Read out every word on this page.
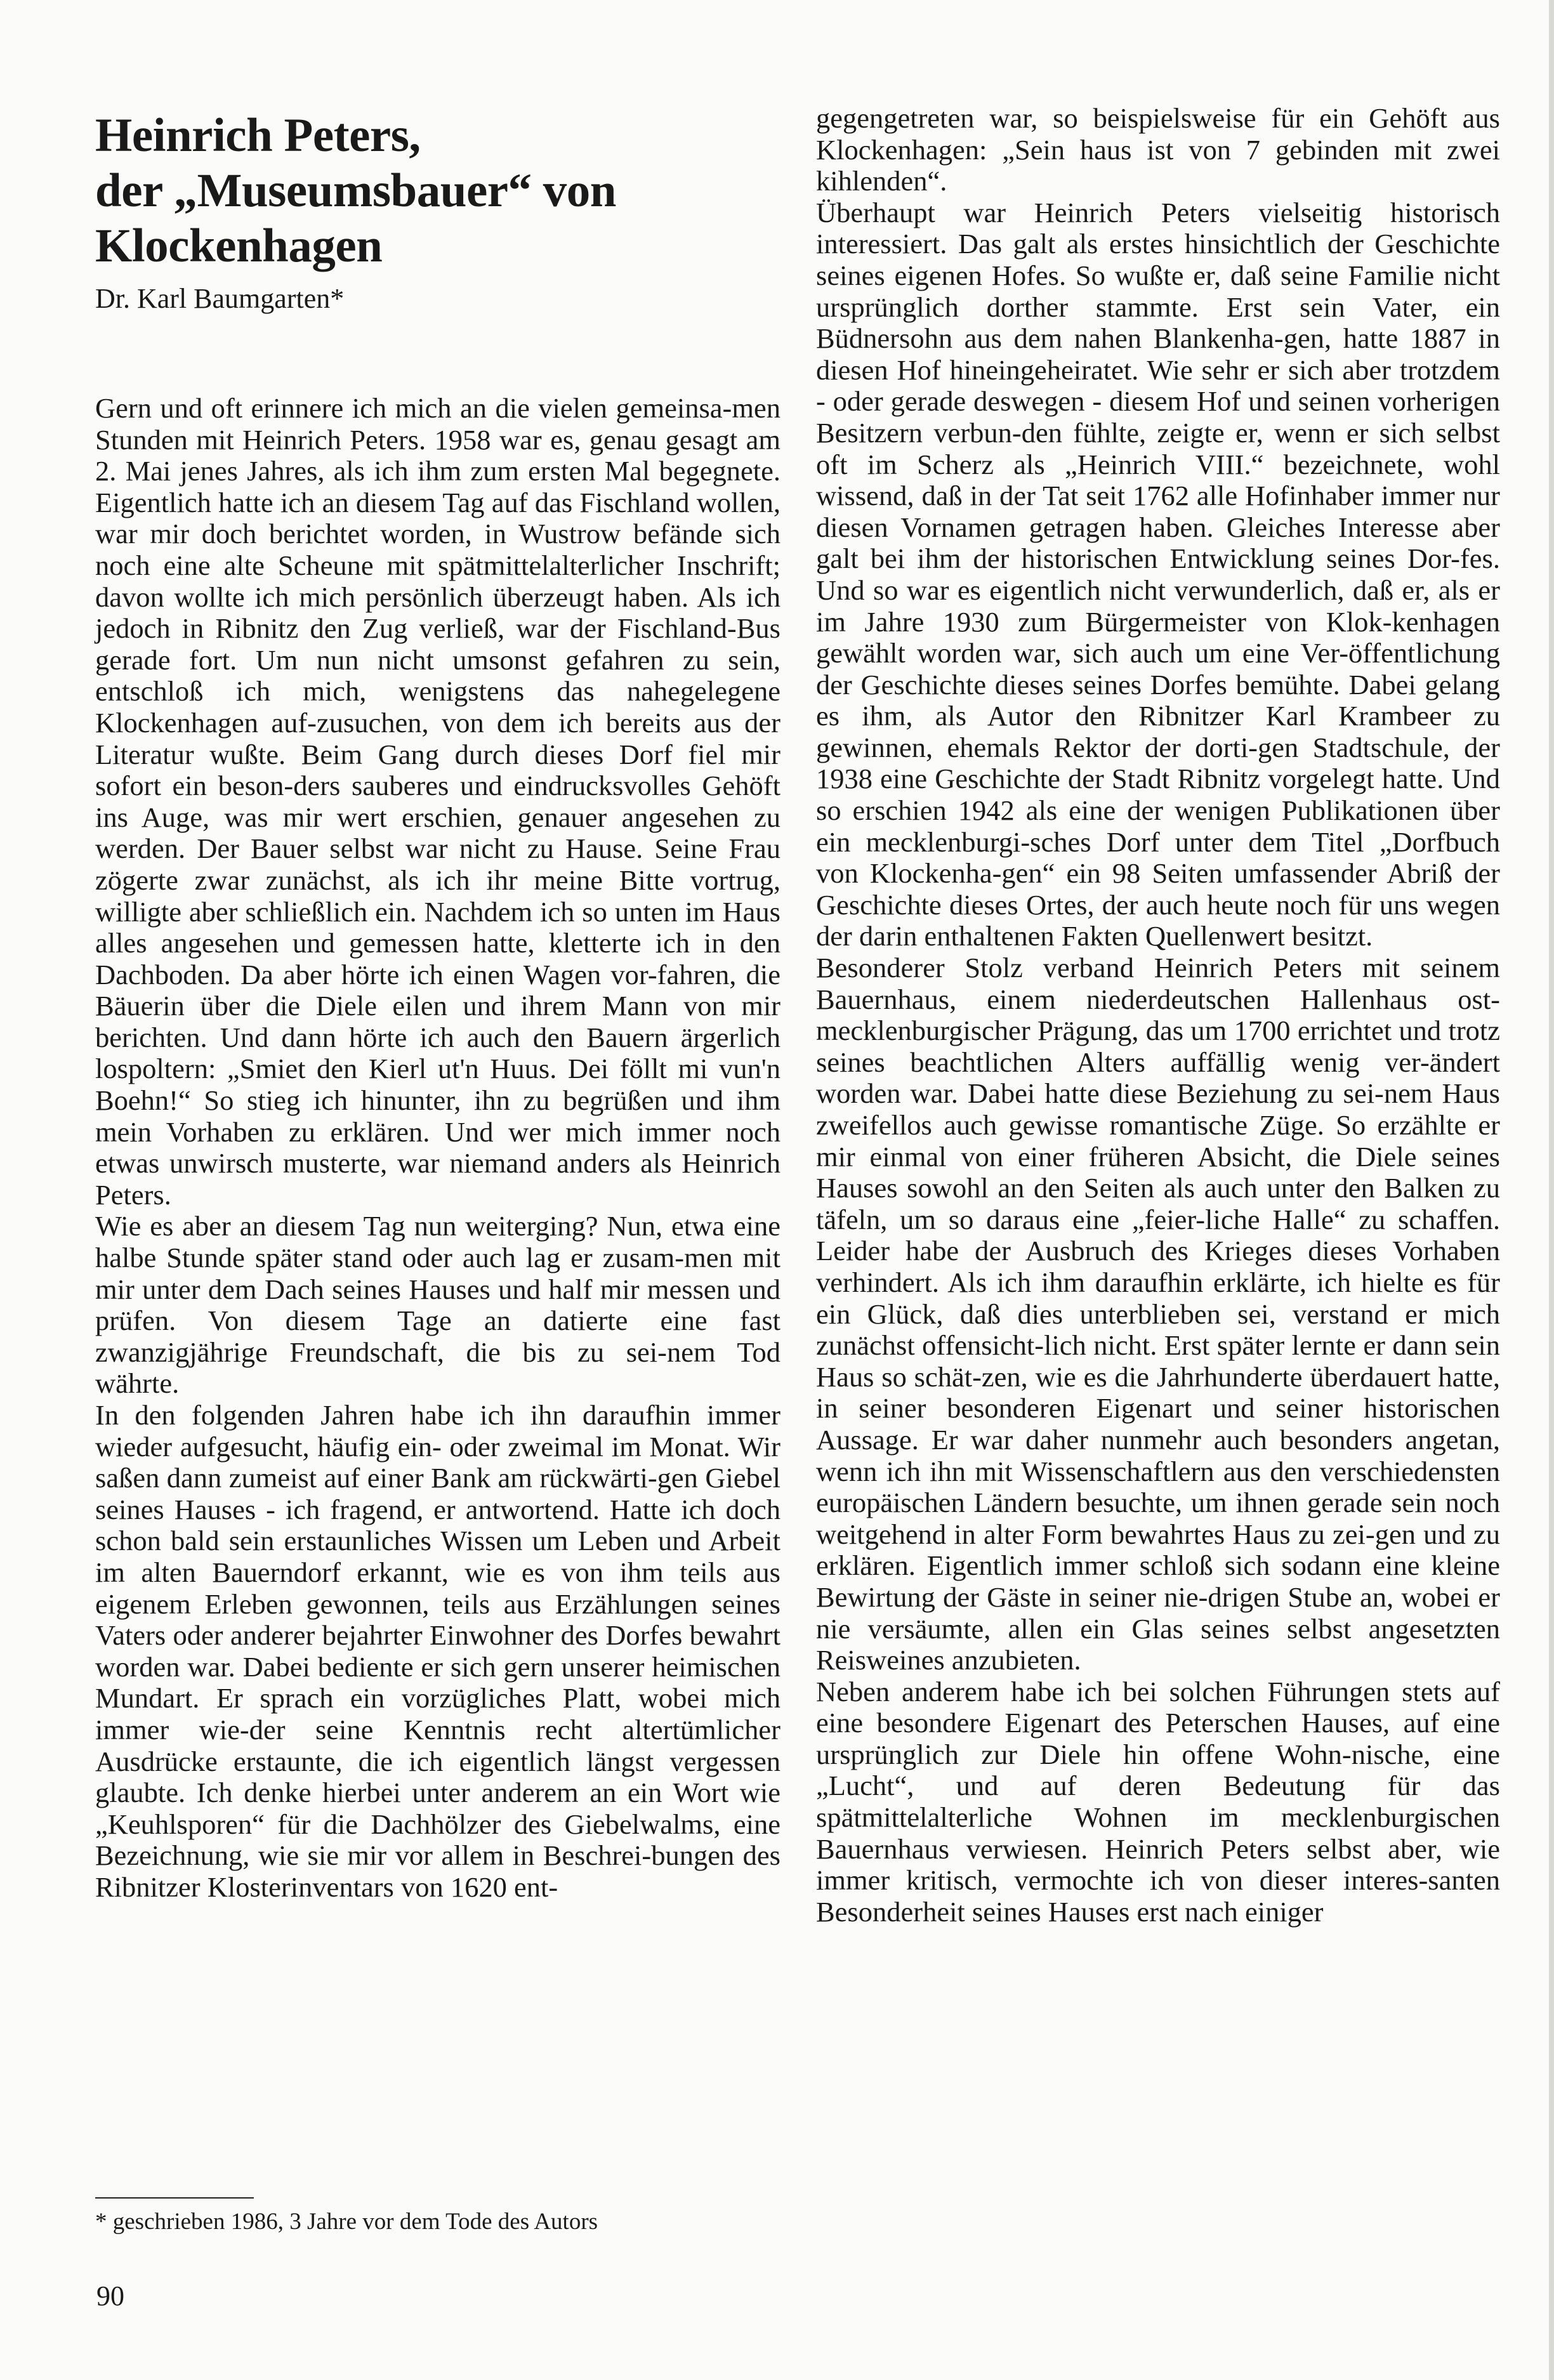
Heinrich Peters,
der „Museumsbauer“ von
Klockenhagen
Dr. Karl Baumgarten*

Gern und oft erinnere ich mich an die vielen gemeinsa-men Stunden mit Heinrich Peters. 1958 war es, genau gesagt am 2. Mai jenes Jahres, als ich ihm zum ersten Mal begegnete. Eigentlich hatte ich an diesem Tag auf das Fischland wollen, war mir doch berichtet worden, in Wustrow befände sich noch eine alte Scheune mit spätmittelalterlicher Inschrift; davon wollte ich mich persönlich überzeugt haben. Als ich jedoch in Ribnitz den Zug verließ, war der Fischland-Bus gerade fort. Um nun nicht umsonst gefahren zu sein, entschloß ich mich, wenigstens das nahegelegene Klockenhagen auf-zusuchen, von dem ich bereits aus der Literatur wußte. Beim Gang durch dieses Dorf fiel mir sofort ein beson-ders sauberes und eindrucksvolles Gehöft ins Auge, was mir wert erschien, genauer angesehen zu werden. Der Bauer selbst war nicht zu Hause. Seine Frau zögerte zwar zunächst, als ich ihr meine Bitte vortrug, willigte aber schließlich ein. Nachdem ich so unten im Haus alles angesehen und gemessen hatte, kletterte ich in den Dachboden. Da aber hörte ich einen Wagen vor-fahren, die Bäuerin über die Diele eilen und ihrem Mann von mir berichten. Und dann hörte ich auch den Bauern ärgerlich lospoltern: „Smiet den Kierl ut'n Huus. Dei föllt mi vun'n Boehn!“ So stieg ich hinunter, ihn zu begrüßen und ihm mein Vorhaben zu erklären. Und wer mich immer noch etwas unwirsch musterte, war niemand anders als Heinrich Peters.

Wie es aber an diesem Tag nun weiterging? Nun, etwa eine halbe Stunde später stand oder auch lag er zusam-men mit mir unter dem Dach seines Hauses und half mir messen und prüfen. Von diesem Tage an datierte eine fast zwanzigjährige Freundschaft, die bis zu sei-nem Tod währte.

In den folgenden Jahren habe ich ihn daraufhin immer wieder aufgesucht, häufig ein- oder zweimal im Monat. Wir saßen dann zumeist auf einer Bank am rückwärti-gen Giebel seines Hauses - ich fragend, er antwortend. Hatte ich doch schon bald sein erstaunliches Wissen um Leben und Arbeit im alten Bauerndorf erkannt, wie es von ihm teils aus eigenem Erleben gewonnen, teils aus Erzählungen seines Vaters oder anderer bejahrter Einwohner des Dorfes bewahrt worden war. Dabei bediente er sich gern unserer heimischen Mundart. Er sprach ein vorzügliches Platt, wobei mich immer wie-der seine Kenntnis recht altertümlicher Ausdrücke erstaunte, die ich eigentlich längst vergessen glaubte. Ich denke hierbei unter anderem an ein Wort wie „Keuhlsporen“ für die Dachhölzer des Giebelwalms, eine Bezeichnung, wie sie mir vor allem in Beschrei-bungen des Ribnitzer Klosterinventars von 1620 ent-

gegengetreten war, so beispielsweise für ein Gehöft aus Klockenhagen: „Sein haus ist von 7 gebinden mit zwei kihlenden“.

Überhaupt war Heinrich Peters vielseitig historisch interessiert. Das galt als erstes hinsichtlich der Geschichte seines eigenen Hofes. So wußte er, daß seine Familie nicht ursprünglich dorther stammte. Erst sein Vater, ein Büdnersohn aus dem nahen Blankenha-gen, hatte 1887 in diesen Hof hineingeheiratet. Wie sehr er sich aber trotzdem - oder gerade deswegen - diesem Hof und seinen vorherigen Besitzern verbun-den fühlte, zeigte er, wenn er sich selbst oft im Scherz als „Heinrich VIII.“ bezeichnete, wohl wissend, daß in der Tat seit 1762 alle Hofinhaber immer nur diesen Vornamen getragen haben. Gleiches Interesse aber galt bei ihm der historischen Entwicklung seines Dor-fes. Und so war es eigentlich nicht verwunderlich, daß er, als er im Jahre 1930 zum Bürgermeister von Klok-kenhagen gewählt worden war, sich auch um eine Ver-öffentlichung der Geschichte dieses seines Dorfes bemühte. Dabei gelang es ihm, als Autor den Ribnitzer Karl Krambeer zu gewinnen, ehemals Rektor der dorti-gen Stadtschule, der 1938 eine Geschichte der Stadt Ribnitz vorgelegt hatte. Und so erschien 1942 als eine der wenigen Publikationen über ein mecklenburgi-sches Dorf unter dem Titel „Dorfbuch von Klockenha-gen“ ein 98 Seiten umfassender Abriß der Geschichte dieses Ortes, der auch heute noch für uns wegen der darin enthaltenen Fakten Quellenwert besitzt.

Besonderer Stolz verband Heinrich Peters mit seinem Bauernhaus, einem niederdeutschen Hallenhaus ost-mecklenburgischer Prägung, das um 1700 errichtet und trotz seines beachtlichen Alters auffällig wenig ver-ändert worden war. Dabei hatte diese Beziehung zu sei-nem Haus zweifellos auch gewisse romantische Züge. So erzählte er mir einmal von einer früheren Absicht, die Diele seines Hauses sowohl an den Seiten als auch unter den Balken zu täfeln, um so daraus eine „feier-liche Halle“ zu schaffen. Leider habe der Ausbruch des Krieges dieses Vorhaben verhindert. Als ich ihm daraufhin erklärte, ich hielte es für ein Glück, daß dies unterblieben sei, verstand er mich zunächst offensicht-lich nicht. Erst später lernte er dann sein Haus so schät-zen, wie es die Jahrhunderte überdauert hatte, in seiner besonderen Eigenart und seiner historischen Aussage. Er war daher nunmehr auch besonders angetan, wenn ich ihn mit Wissenschaftlern aus den verschiedensten europäischen Ländern besuchte, um ihnen gerade sein noch weitgehend in alter Form bewahrtes Haus zu zei-gen und zu erklären. Eigentlich immer schloß sich sodann eine kleine Bewirtung der Gäste in seiner nie-drigen Stube an, wobei er nie versäumte, allen ein Glas seines selbst angesetzten Reisweines anzubieten.

Neben anderem habe ich bei solchen Führungen stets auf eine besondere Eigenart des Peterschen Hauses, auf eine ursprünglich zur Diele hin offene Wohn-nische, eine „Lucht“, und auf deren Bedeutung für das spätmittelalterliche Wohnen im mecklenburgischen Bauernhaus verwiesen. Heinrich Peters selbst aber, wie immer kritisch, vermochte ich von dieser interes-santen Besonderheit seines Hauses erst nach einiger

* geschrieben 1986, 3 Jahre vor dem Tode des Autors
90
